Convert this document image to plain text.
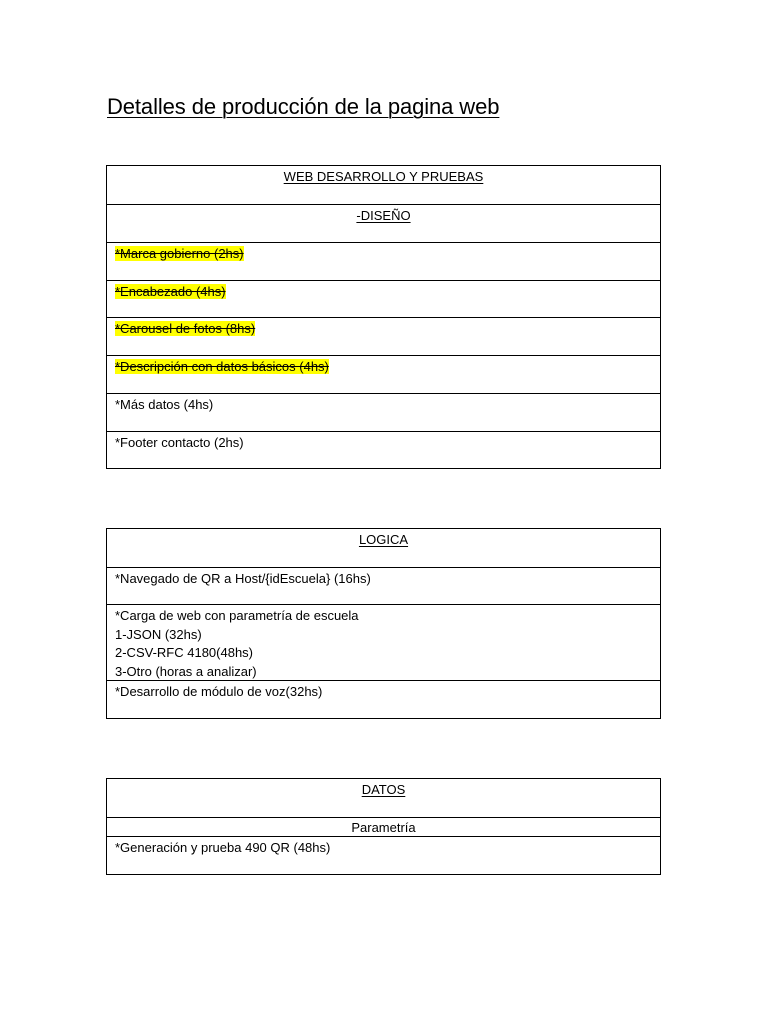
Detalles de producción de la pagina web
WEB DESARROLLO Y PRUEBAS
-DISEÑO
*Marca gobierno (2hs)
*Encabezado (4hs)
*Carousel de fotos (8hs)
*Descripción con datos básicos (4hs)
*Más datos (4hs)
*Footer contacto (2hs)
LOGICA
*Navegado de QR a Host/{idEscuela} (16hs)
*Carga de web con parametría de escuela
1-JSON (32hs)
2-CSV-RFC 4180(48hs)
3-Otro (horas a analizar)
*Desarrollo de módulo de voz(32hs)
DATOS
Parametría
*Generación y prueba 490 QR (48hs)
